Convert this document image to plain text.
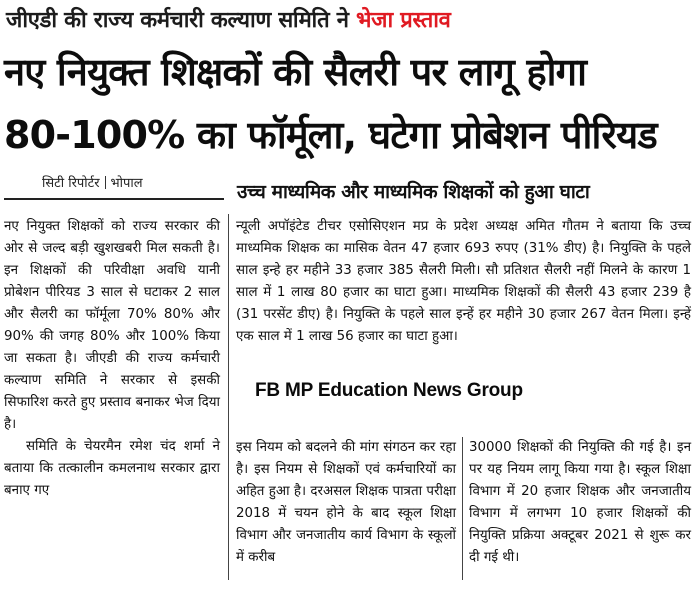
जीएडी की राज्य कर्मचारी कल्याण समिति ने भेजा प्रस्ताव
नए नियुक्त शिक्षकों की सैलरी पर लागू होगा
80-100% का फॉर्मूला, घटेगा प्रोबेशन पीरियड
सिटी रिपोर्टर भोपाल	उच्च माध्यमिक और माध्यमिक शिक्षकों को हुआ घाटा

नए नियुक्त शिक्षकों को राज्य सरकार की ओर से जल्द बड़ी खुशखबरी मिल सकती है। इन शिक्षकों की परिवीक्षा अवधि यानी प्रोबेशन पीरियड 3 साल से घटाकर 2 साल और सैलरी का फॉर्मूला 70% 80% और 90% की जगह 80% और 100% किया जा सकता है। जीएडी की राज्य कर्मचारी कल्याण समिति ने सरकार से इसकी सिफारिश करते हुए प्रस्ताव बनाकर भेज दिया है।

समिति के चेयरमैन रमेश चंद शर्मा ने बताया कि तत्कालीन कमलनाथ सरकार द्वारा बनाए गए

न्यूली अपॉइंटेड टीचर एसोसिएशन मप्र के प्रदेश अध्यक्ष अमित गौतम ने बताया कि उच्च माध्यमिक शिक्षक का मासिक वेतन 47 हजार 693 रुपए (31% डीए) है। नियुक्ति के पहले साल इन्हे हर महीने 33 हजार 385 सैलरी मिली। सौ प्रतिशत सैलरी नहीं मिलने के कारण 1 साल में 1 लाख 80 हजार का घाटा हुआ। माध्यमिक शिक्षकों की सैलरी 43 हजार 239 है (31 परसेंट डीए) है। नियुक्ति के पहले साल इन्हें हर महीने 30 हजार 267 वेतन मिला। इन्हें एक साल में 1 लाख 56 हजार का घाटा हुआ।

इस नियम को बदलने की मांग संगठन कर रहा है। इस नियम से शिक्षकों एवं कर्मचारियों का अहित हुआ है। दरअसल शिक्षक पात्रता परीक्षा 2018 में चयन होने के बाद स्कूल शिक्षा विभाग और जनजातीय कार्य विभाग के स्कूलों में करीब

30000 शिक्षकों की नियुक्ति की गई है। इन पर यह नियम लागू किया गया है। स्कूल शिक्षा विभाग में 20 हजार शिक्षक और जनजातीय विभाग में लगभग 10 हजार शिक्षकों की नियुक्ति प्रक्रिया अक्टूबर 2021 से शुरू कर दी गई थी।

FB MP Education News Group
